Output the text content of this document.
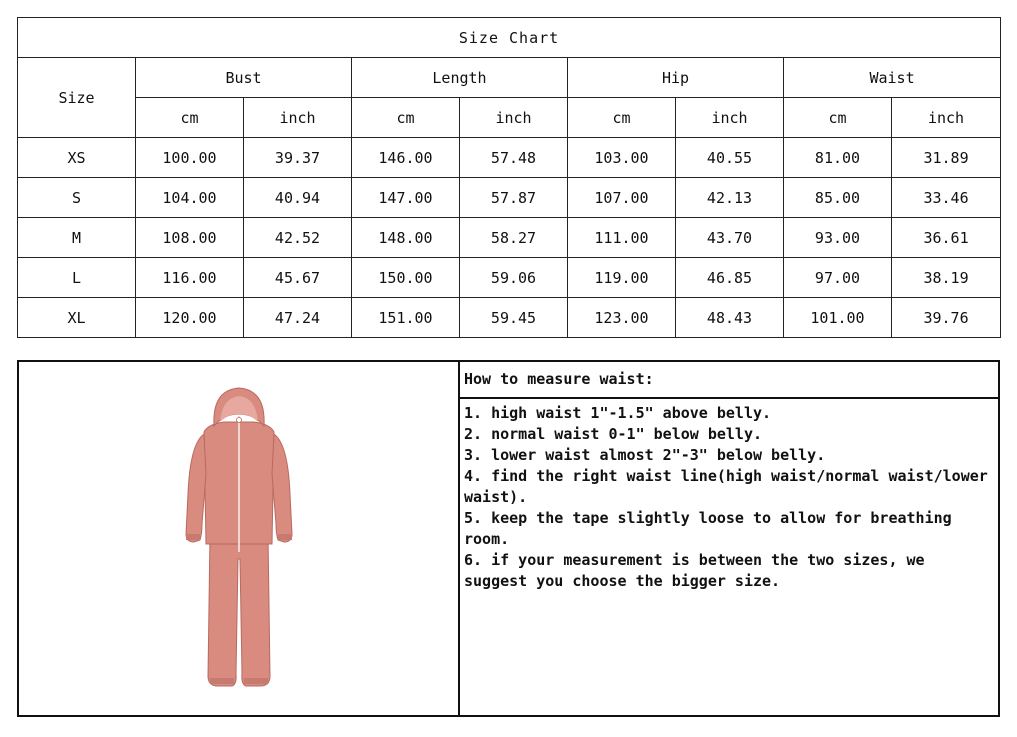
Size Chart								
Size	Bust		Length		Hip		Waist	
	cm	inch	cm	inch	cm	inch	cm	inch
XS	100.00	39.37	146.00	57.48	103.00	40.55	81.00	31.89
S	104.00	40.94	147.00	57.87	107.00	42.13	85.00	33.46
M	108.00	42.52	148.00	58.27	111.00	43.70	93.00	36.61
L	116.00	45.67	150.00	59.06	119.00	46.85	97.00	38.19
XL	120.00	47.24	151.00	59.45	123.00	48.43	101.00	39.76
How to measure waist:

1. high waist 1"-1.5" above belly.

2. normal waist 0-1" below belly.

3. lower waist almost 2"-3" below belly.

4. find the right waist line(high waist/normal waist/lower waist).

5. keep the tape slightly loose to allow for breathing room.

6. if your measurement is between the two sizes, we suggest you choose the bigger size.
